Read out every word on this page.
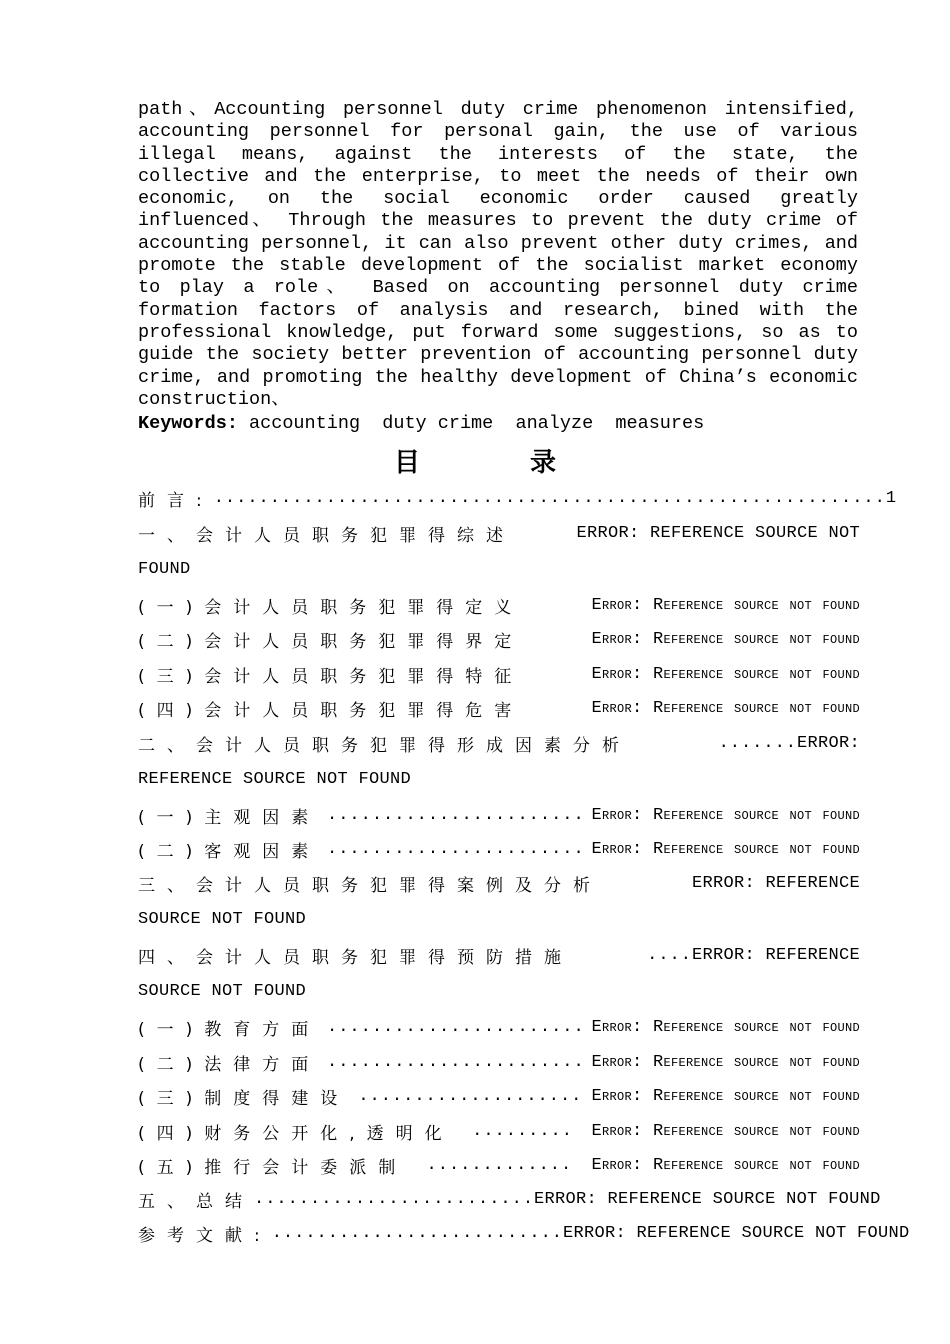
path、Accounting personnel duty crime phenomenon intensified, accounting personnel for personal gain, the use of various illegal means, against the interests of the state, the collective and the enterprise, to meet the needs of their own economic, on the social economic order caused greatly influenced、 Through the measures to prevent the duty crime of accounting personnel, it can also prevent other duty crimes, and promote the stable development of the socialist market economy to play a role、 Based on accounting personnel duty crime formation factors of analysis and research, bined with the professional knowledge, put forward some suggestions, so as to guide the society better prevention of accounting personnel duty crime, and promoting the healthy development of China’s economic construction、
Keywords: accounting  duty crime  analyze  measures
目录
前言: ............................................................ 1
一、会计人员职务犯罪得综述	ERROR: REFERENCE SOURCE NOT
FOUND
(一)会计人员职务犯罪得定义	Error: Reference source not found
(二)会计人员职务犯罪得界定	Error: Reference source not found
(三)会计人员职务犯罪得特征	Error: Reference source not found
(四)会计人员职务犯罪得危害	Error: Reference source not found
二、会计人员职务犯罪得形成因素分析	....... ERROR:
REFERENCE SOURCE NOT FOUND
(一)主观因素 ....................... Error: Reference source not found
(二)客观因素 ....................... Error: Reference source not found
三、会计人员职务犯罪得案例及分析	ERROR: REFERENCE
SOURCE NOT FOUND
四、会计人员职务犯罪得预防措施	.... ERROR: REFERENCE
SOURCE NOT FOUND
(一)教育方面 ....................... Error: Reference source not found
(二)法律方面 ....................... Error: Reference source not found
(三)制度得建设 .................... Error: Reference source not found
(四)财务公开化,透明化 ......... Error: Reference source not found
(五)推行会计委派制 ............. Error: Reference source not found
五、总结 ......................... ERROR: REFERENCE SOURCE NOT FOUND
参考文献: .......................... ERROR: REFERENCE SOURCE NOT FOUND
